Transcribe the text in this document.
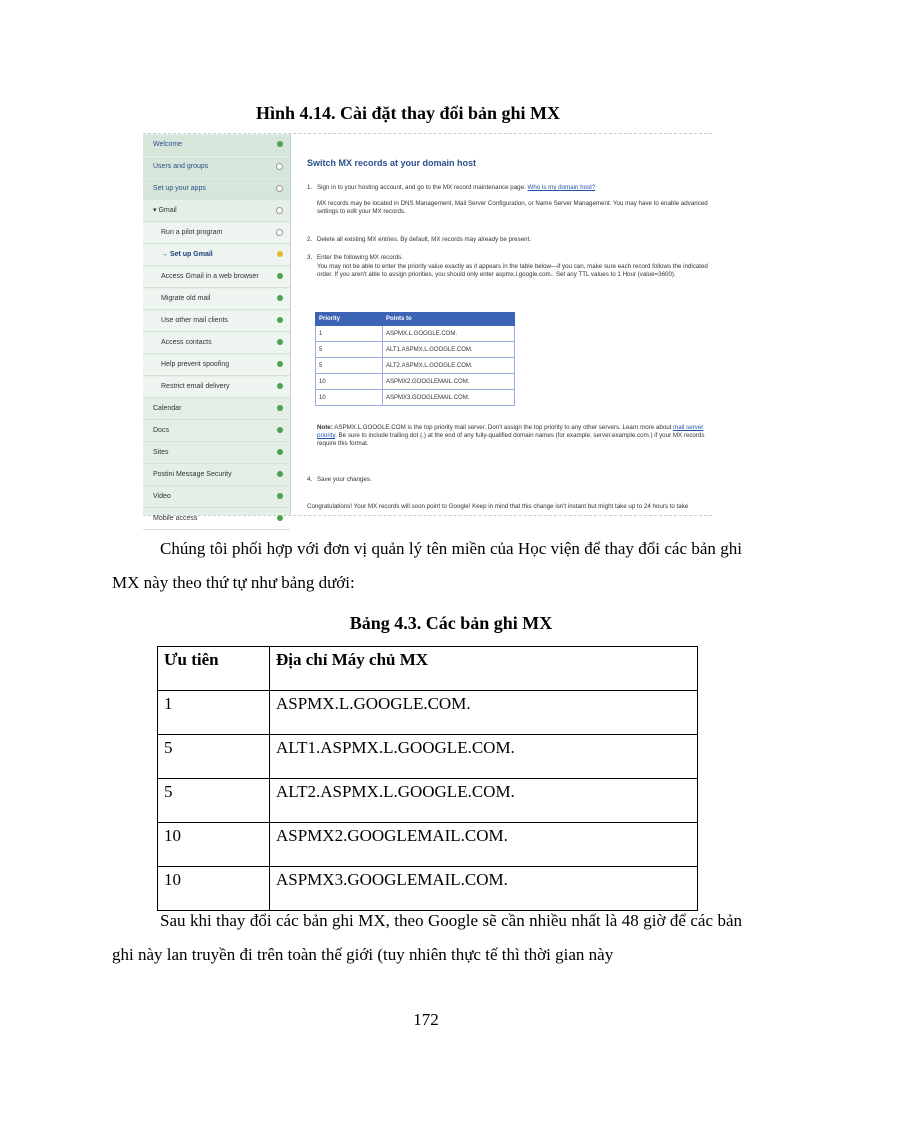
Hình 4.14. Cài đặt thay đổi bản ghi MX
Welcome
Users and groups
Set up your apps
▾ Gmail
Run a pilot program
→ Set up Gmail
Access Gmail in a web browser
Migrate old mail
Use other mail clients
Access contacts
Help prevent spoofing
Restrict email delivery
Calendar
Docs
Sites
Postini Message Security
Video
Mobile access
Switch MX records at your domain host
1. Sign in to your hosting account, and go to the MX record maintenance page. Who is my domain host?
MX records may be located in DNS Management, Mail Server Configuration, or Name Server Management. You may have to enable advanced settings to edit your MX records.
2. Delete all existing MX entries. By default, MX records may already be present.
3. Enter the following MX records.
You may not be able to enter the priority value exactly as it appears in the table below—if you can, make sure each record follows the indicated order. If you aren't able to assign priorities, you should only enter aspmx.l.google.com.. Set any TTL values to 1 Hour (value=3600).
Priority	Points to
1	ASPMX.L.GOOGLE.COM.
5	ALT1.ASPMX.L.GOOGLE.COM.
5	ALT2.ASPMX.L.GOOGLE.COM.
10	ASPMX2.GOOGLEMAIL.COM.
10	ASPMX3.GOOGLEMAIL.COM.
Note: ASPMX.L.GOOGLE.COM is the top priority mail server. Don't assign the top priority to any other servers. Learn more about mail server priority. Be sure to include trailing dot (.) at the end of any fully-qualified domain names (for example, server.example.com.) if your MX records require this format.
4. Save your changes.
Congratulations! Your MX records will soon point to Google! Keep in mind that this change isn't instant but might take up to 24 hours to take
Chúng tôi phối hợp với đơn vị quản lý tên miền của Học viện để thay đổi các bản ghi MX này theo thứ tự như bảng dưới:
Bảng 4.3. Các bản ghi MX
Ưu tiên	Địa chỉ Máy chủ MX
1	ASPMX.L.GOOGLE.COM.
5	ALT1.ASPMX.L.GOOGLE.COM.
5	ALT2.ASPMX.L.GOOGLE.COM.
10	ASPMX2.GOOGLEMAIL.COM.
10	ASPMX3.GOOGLEMAIL.COM.
Sau khi thay đổi các bản ghi MX, theo Google sẽ cần nhiều nhất là 48 giờ để các bản ghi này lan truyền đi trên toàn thế giới (tuy nhiên thực tế thì thời gian này
172
